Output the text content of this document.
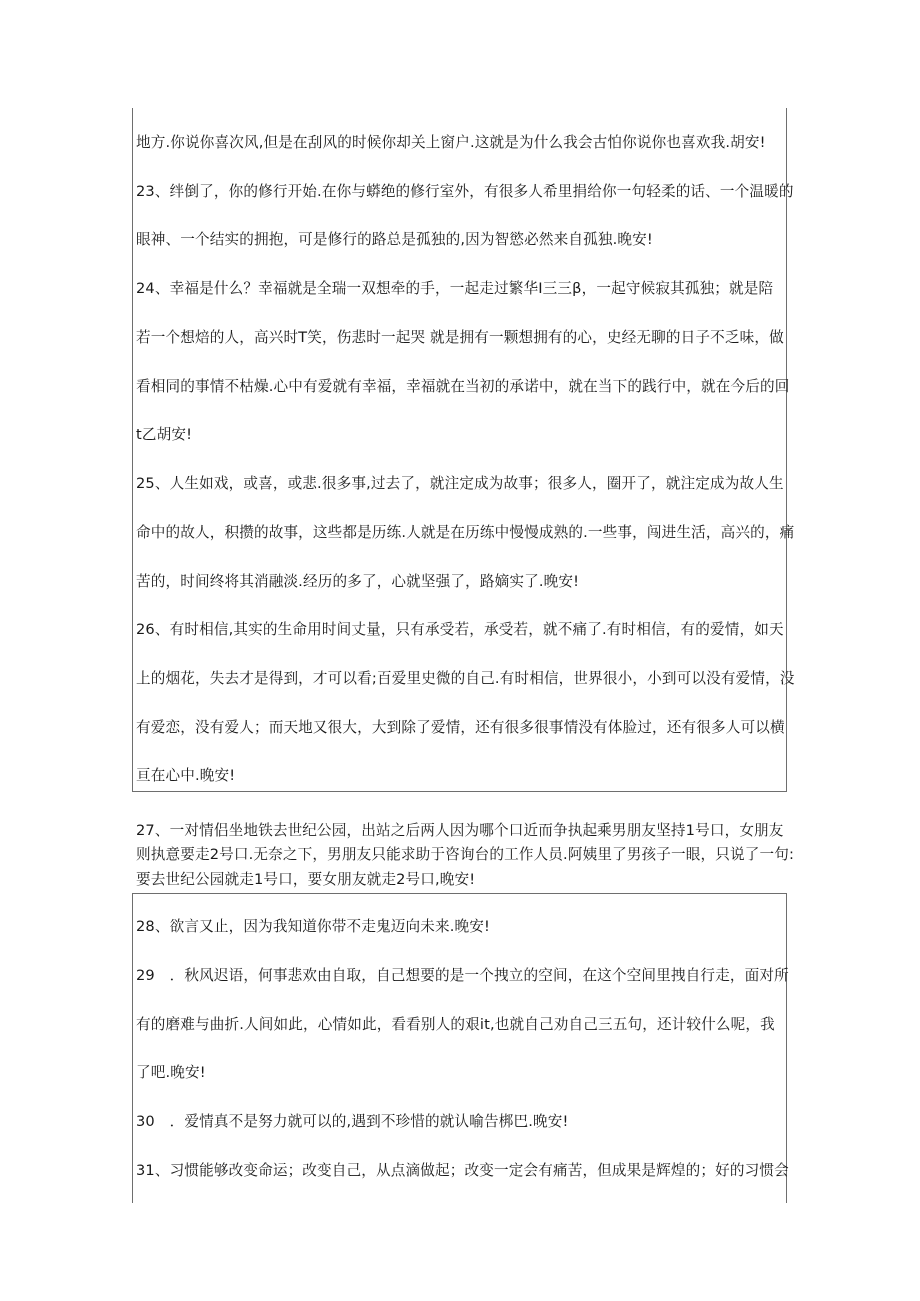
地方.你说你喜次风,但是在刮风的时候你却关上窗户.这就是为什么我会古怕你说你也喜欢我.胡安!
23、绊倒了，你的修行开始.在你与蟒绝的修行室外，有很多人希里捐给你一句轻柔的话、一个温暖的
眼神、一个结实的拥抱，可是修行的路总是孤独的,因为智慾必然来自孤独.晚安!
24、幸福是什么？幸福就是全瑞一双想牵的手，一起走过繁华I三三β，一起守候寂其孤独；就是陪
若一个想焙的人，高兴时T笑，伤悲时一起哭 就是拥有一颗想拥有的心，史经无聊的日子不乏味，做
看相同的事情不枯燥.心中有爱就有幸福，幸福就在当初的承诺中，就在当下的践行中，就在今后的回
t乙胡安!
25、人生如戏，或喜，或悲.很多事,过去了，就注定成为故事；很多人，圈开了，就注定成为故人生
命中的故人，积攒的故事，这些都是历练.人就是在历练中慢慢成熟的.一些事，闯进生活，高兴的，痛
苦的，时间终将其消融淡.经历的多了，心就坚强了，路嫡实了.晚安!
26、有时相信,其实的生命用时间丈量，只有承受若，承受若，就不痛了.有时相信，有的爱情，如天
上的烟花，失去才是得到，才可以看;百爱里史微的自己.有时相信，世界很小，小到可以没有爱情，没
有爱恋，没有爱人；而天地又很大，大到除了爱情，还有很多很事情没有体脸过，还有很多人可以横
亘在心中.晚安!
27、一对情侣坐地铁去世纪公园，出站之后两人因为哪个口近而争执起乘男朋友坚持1号口，女朋友
则执意要走2号口.无奈之下，男朋友只能求助于咨询台的工作人员.阿姨里了男孩子一眼，只说了一句:
要去世纪公园就走1号口，要女朋友就走2号口,晚安!
28、欲言又止，因为我知道你带不走鬼迈向未来.晚安!
29　．秋风迟语，何事悲欢由自取，自己想要的是一个拽立的空间，在这个空间里拽自行走，面对所
有的磨难与曲折.人间如此，心情如此，看看别人的艰it,也就自己劝自己三五句，还计较什么呢，我
了吧.晚安!
30　．爱情真不是努力就可以的,遇到不珍惜的就认喻告梆巴.晚安!
31、习惯能够改变命运；改变自己，从点滴做起；改变一定会有痛苦，但成果是辉煌的；好的习惯会
